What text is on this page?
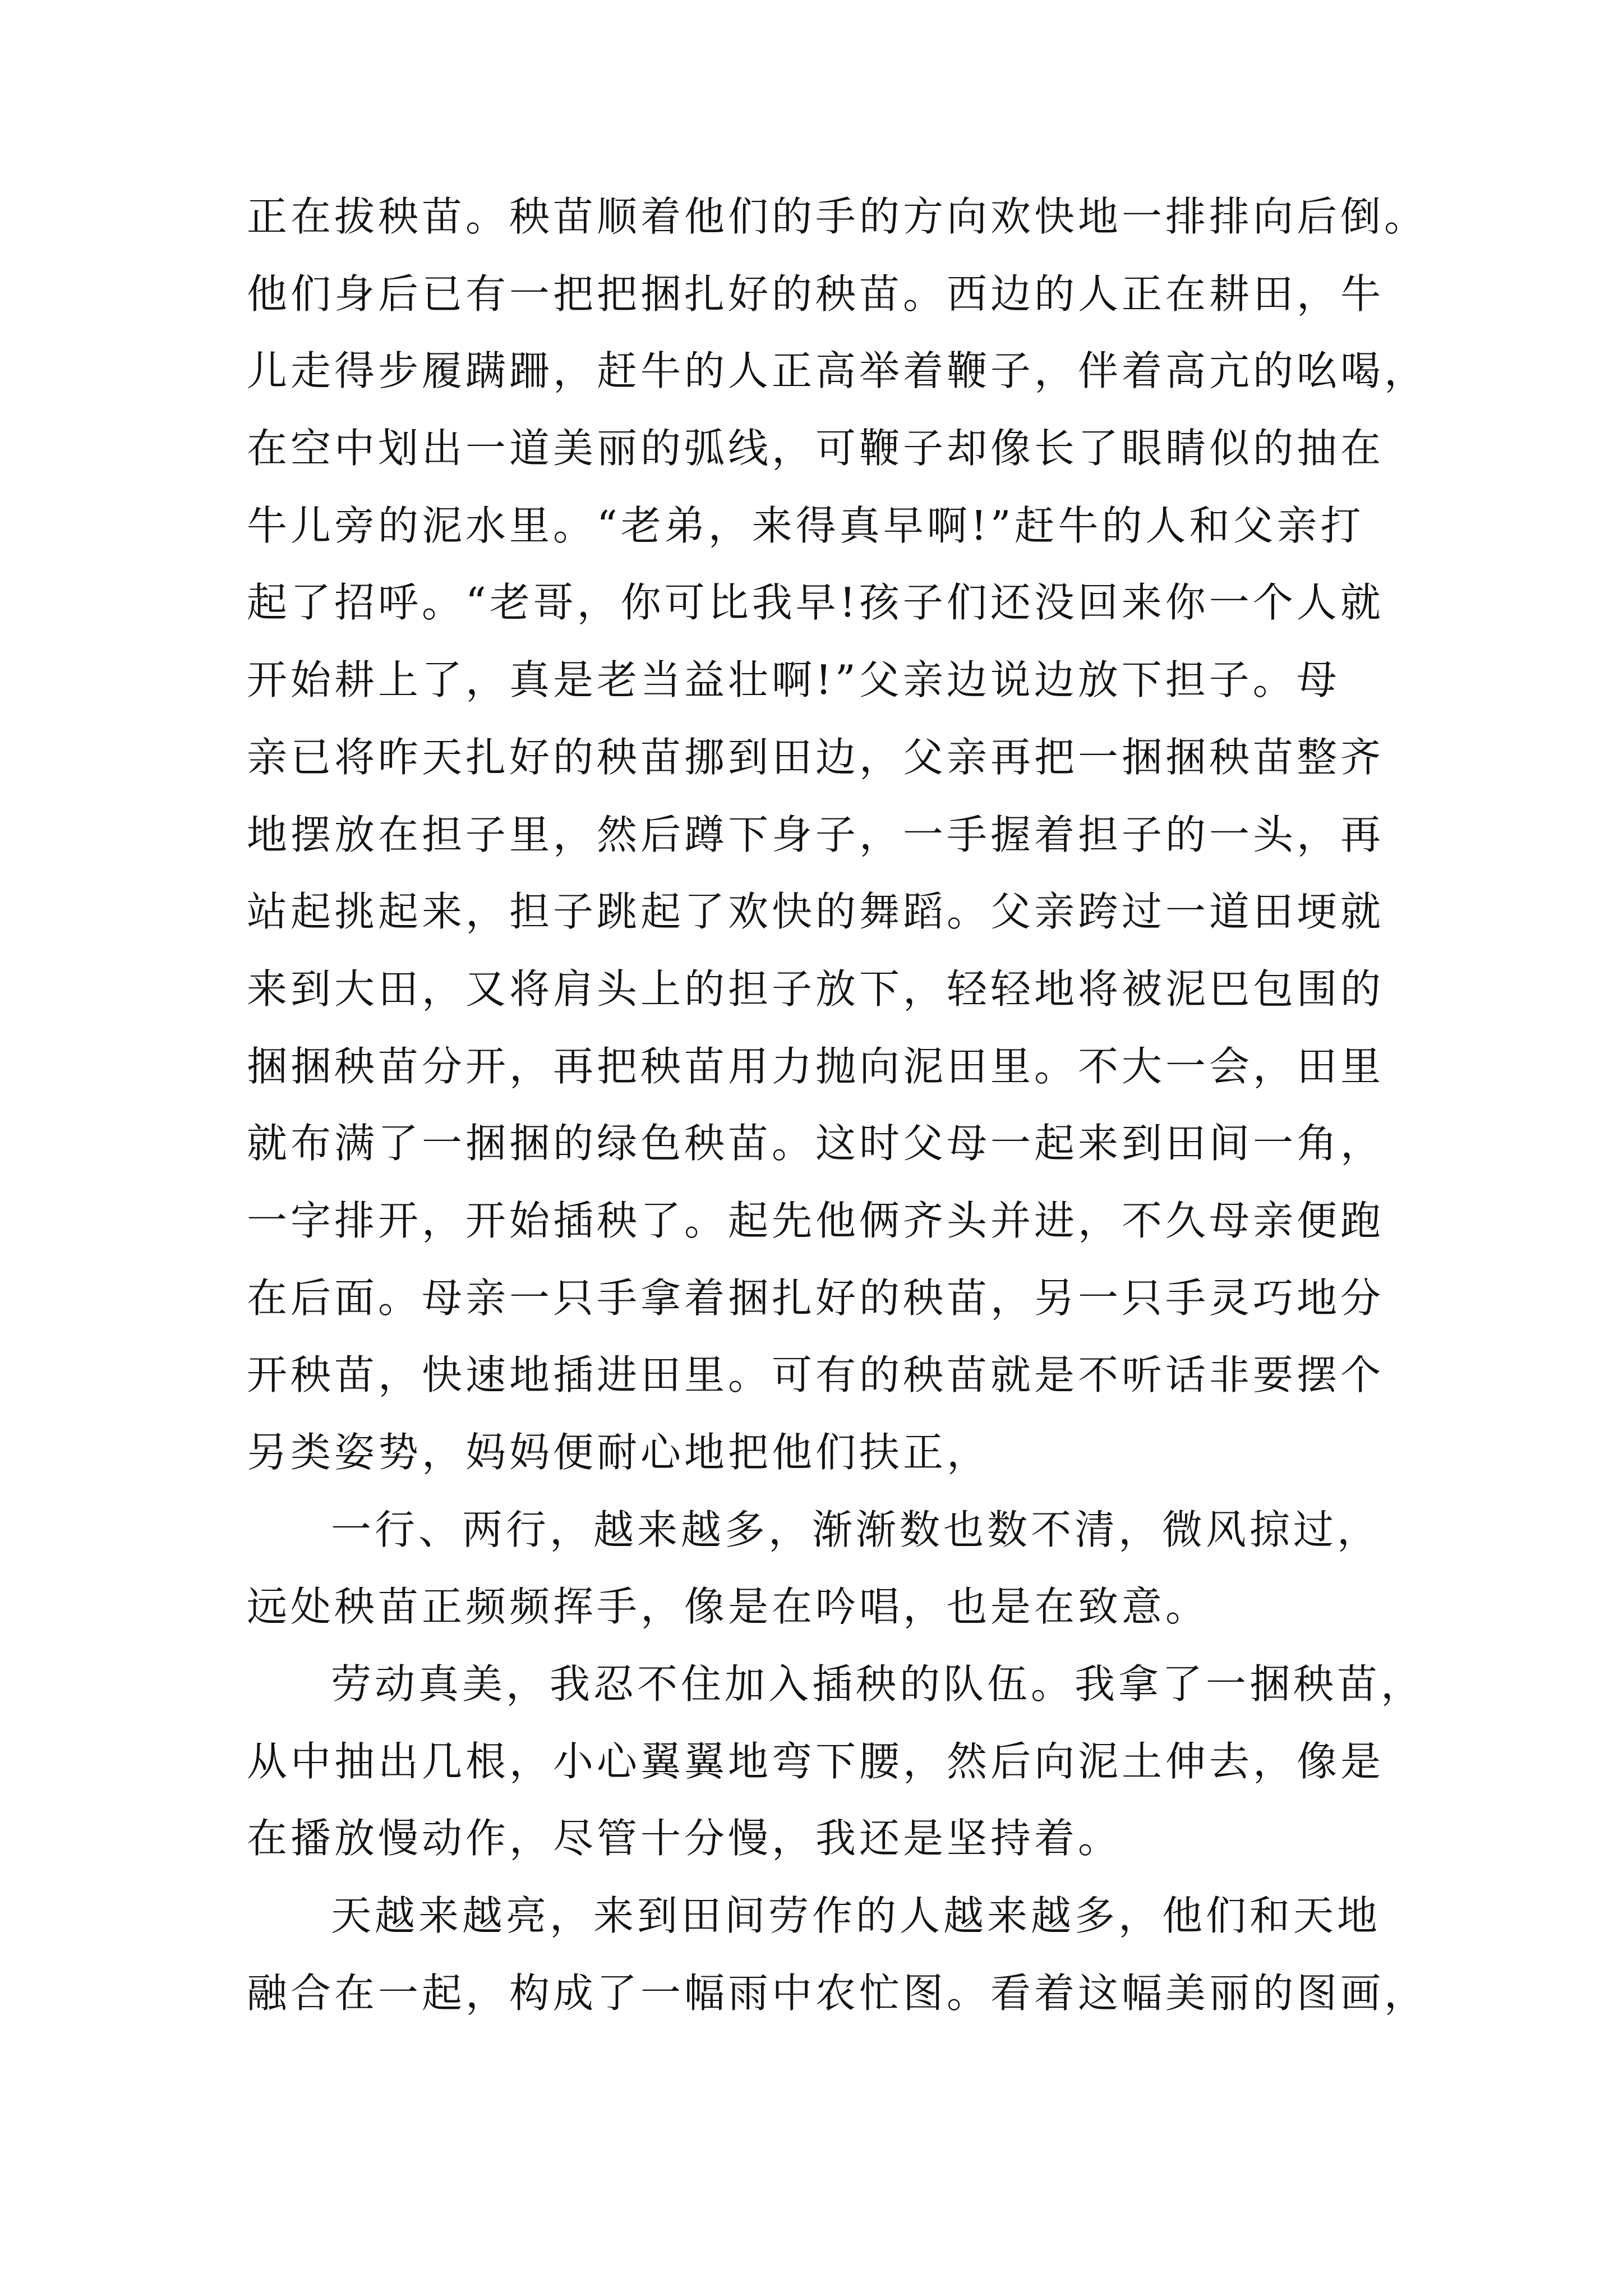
正在拔秧苗。秧苗顺着他们的手的方向欢快地一排排向后倒。
他们身后已有一把把捆扎好的秧苗。西边的人正在耕田，牛
儿走得步履蹒跚，赶牛的人正高举着鞭子，伴着高亢的吆喝，
在空中划出一道美丽的弧线，可鞭子却像长了眼睛似的抽在
牛儿旁的泥水里。“老弟，来得真早啊!”赶牛的人和父亲打
起了招呼。“老哥，你可比我早!孩子们还没回来你一个人就
开始耕上了，真是老当益壮啊!”父亲边说边放下担子。母
亲已将昨天扎好的秧苗挪到田边，父亲再把一捆捆秧苗整齐
地摆放在担子里，然后蹲下身子，一手握着担子的一头，再
站起挑起来，担子跳起了欢快的舞蹈。父亲跨过一道田埂就
来到大田，又将肩头上的担子放下，轻轻地将被泥巴包围的
捆捆秧苗分开，再把秧苗用力抛向泥田里。不大一会，田里
就布满了一捆捆的绿色秧苗。这时父母一起来到田间一角，
一字排开，开始插秧了。起先他俩齐头并进，不久母亲便跑
在后面。母亲一只手拿着捆扎好的秧苗，另一只手灵巧地分
开秧苗，快速地插进田里。可有的秧苗就是不听话非要摆个
另类姿势，妈妈便耐心地把他们扶正，
一行、两行，越来越多，渐渐数也数不清，微风掠过，
远处秧苗正频频挥手，像是在吟唱，也是在致意。
劳动真美，我忍不住加入插秧的队伍。我拿了一捆秧苗，
从中抽出几根，小心翼翼地弯下腰，然后向泥土伸去，像是
在播放慢动作，尽管十分慢，我还是坚持着。
天越来越亮，来到田间劳作的人越来越多，他们和天地
融合在一起，构成了一幅雨中农忙图。看着这幅美丽的图画，
